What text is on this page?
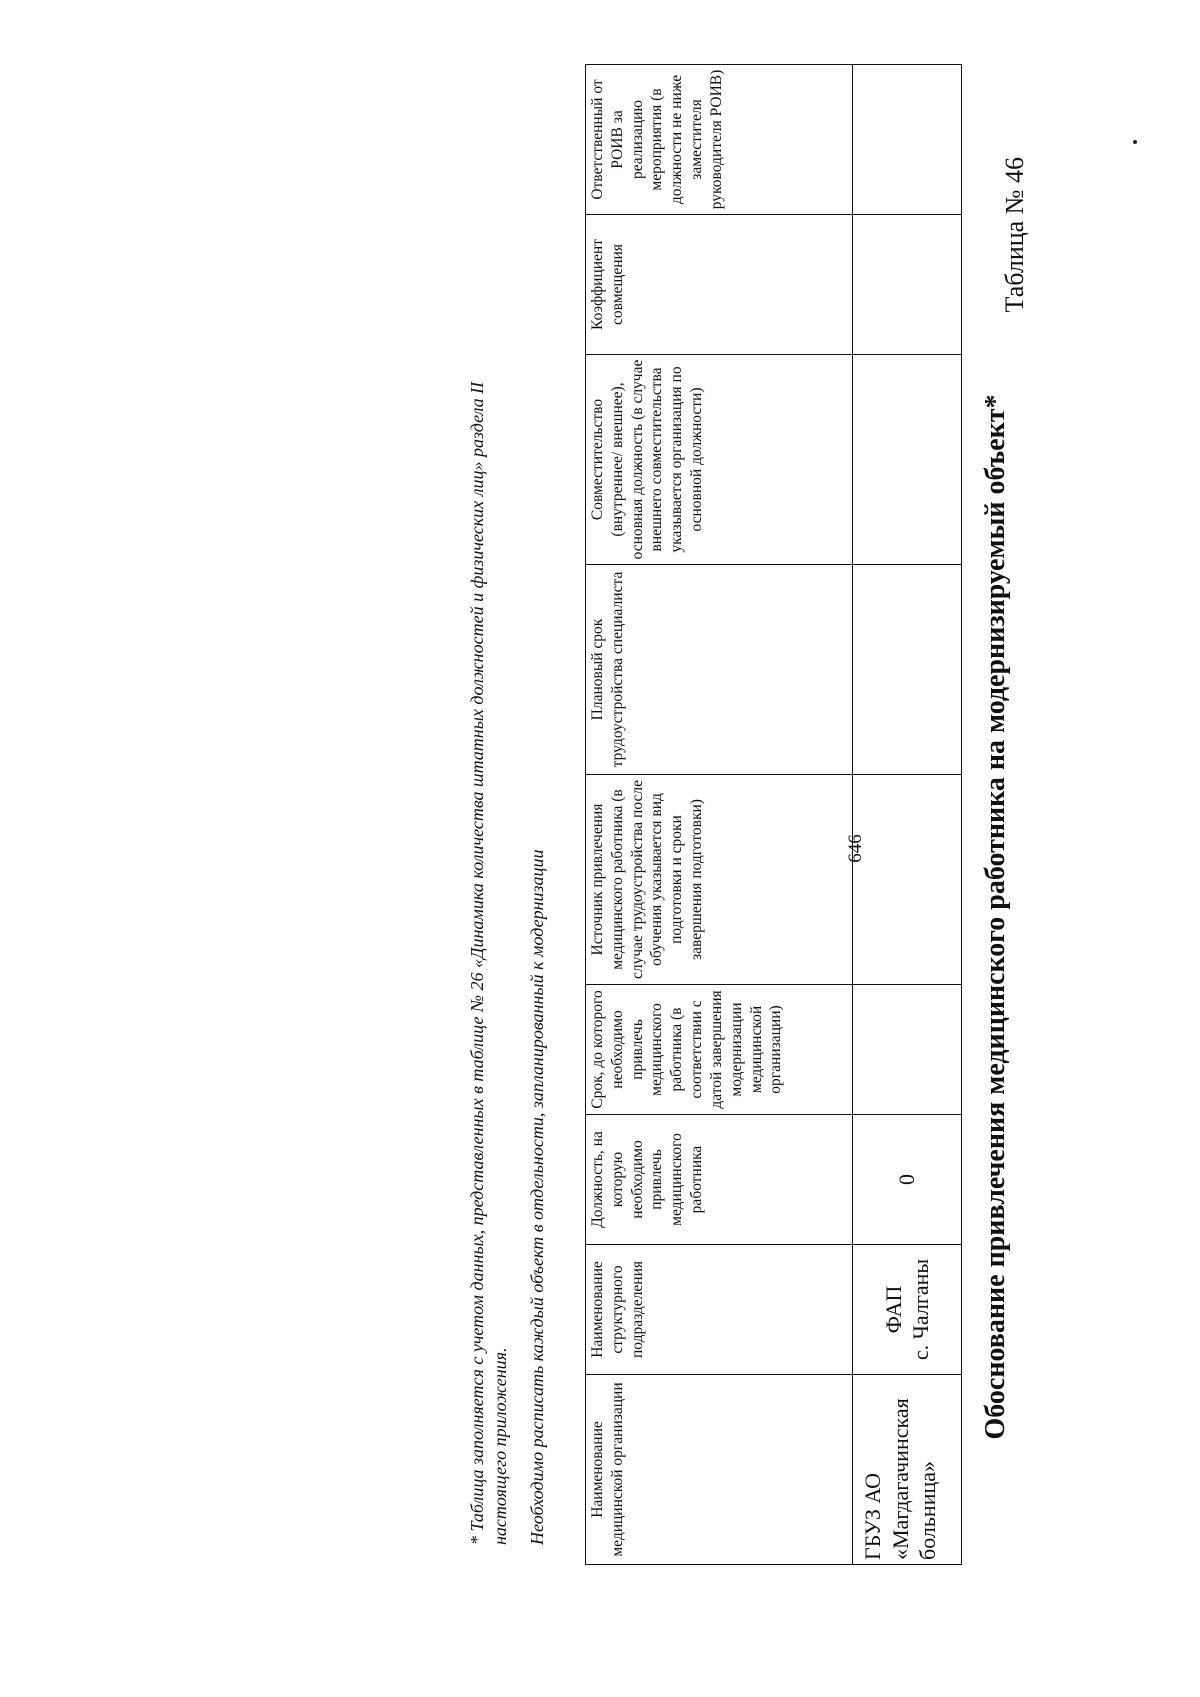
646
Таблица № 46
Обоснование привлечения медицинского работника на модернизируемый объект*
Наименование медицинской организации	Наименование структурного подразделения	Должность, на которую необходимо привлечь медицинского работника	Срок, до которого необходимо привлечь медицинского работника (в соответствии с датой завершения модернизации медицинской организации)	Источник привлечения медицинского работника (в случае трудоустройства после обучения указывается вид подготовки и сроки завершения подготовки)	Плановый срок трудоустройства специалиста	Совместительство (внутреннее/ внешнее), основная должность (в случае внешнего совместительства указывается организация по основной должности)	Коэффициент совмещения	Ответственный от РОИВ за реализацию мероприятия (в должности не ниже заместителя руководителя РОИВ)
ГБУЗ АО «Магдагачинская больница»	ФАП с. Чалганы	0						
Необходимо расписать каждый объект в отдельности, запланированный к модернизации
* Таблица заполняется с учетом данных, представленных в таблице № 26 «Динамика количества штатных должностей и физических лиц» раздела II настоящего приложения.
